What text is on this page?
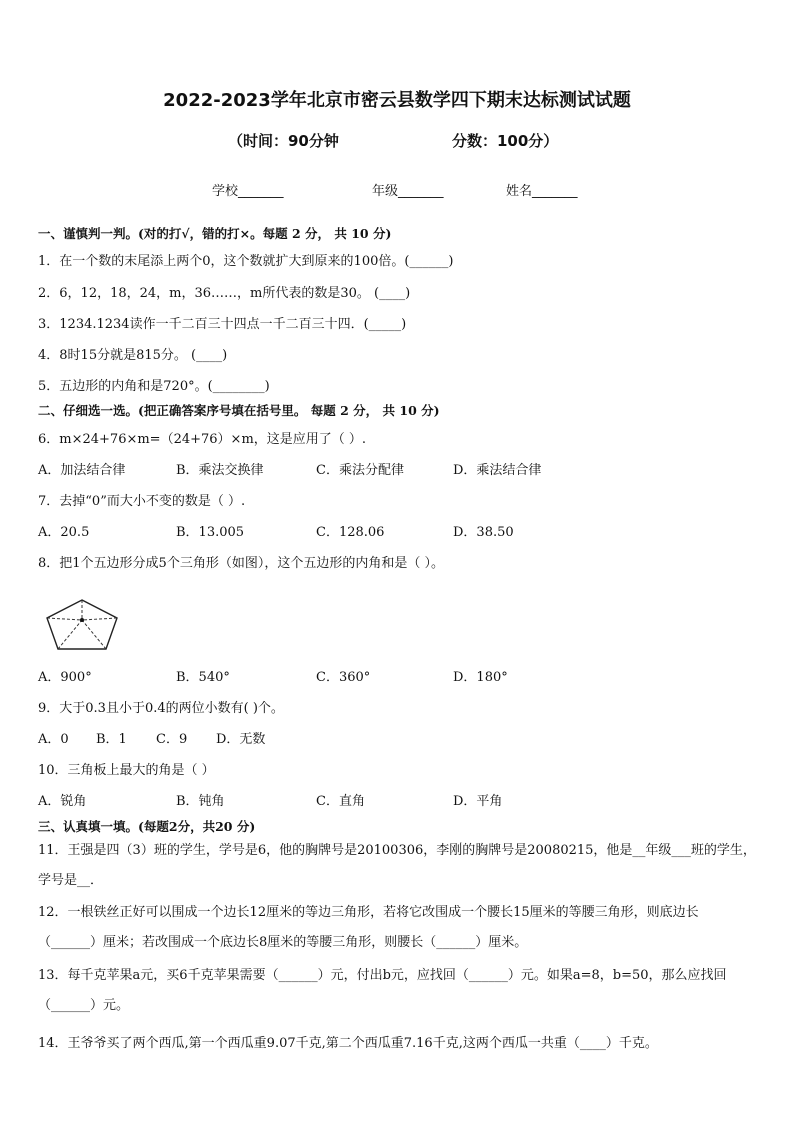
2022-2023学年北京市密云县数学四下期末达标测试试题
（时间：90分钟	分数：100分）
学校_______	年级_______	姓名_______
一、谨慎判一判。(对的打√，错的打×。每题 2 分， 共 10 分)
1．在一个数的末尾添上两个0，这个数就扩大到原来的100倍。(______)
2．6，12，18，24，m，36……，m所代表的数是30。 (____)
3．1234.1234读作一千二百三十四点一千二百三十四．(_____)
4．8时15分就是815分。 (____)
5．五边形的内角和是720°。(________)
二、仔细选一选。(把正确答案序号填在括号里。 每题 2 分， 共 10 分)
6．m×24+76×m=（24+76）×m，这是应用了（ ）.
A．加法结合律	B．乘法交换律	C．乘法分配律	D．乘法结合律
7．去掉“0”而大小不变的数是（ ）.
A．20.5	B．13.005	C．128.06	D．38.50
8．把1个五边形分成5个三角形（如图），这个五边形的内角和是（ ）。
A．900°	B．540°	C．360°	D．180°
9．大于0.3且小于0.4的两位小数有( )个。
A．0 B．1 C．9 D．无数
10．三角板上最大的角是（ ）
A．锐角	B．钝角	C．直角	D．平角
三、认真填一填。(每题2分，共20 分)
11．王强是四（3）班的学生，学号是6，他的胸牌号是20100306，李刚的胸牌号是20080215，他是__年级___班的学生，学号是__．
12．一根铁丝正好可以围成一个边长12厘米的等边三角形，若将它改围成一个腰长15厘米的等腰三角形，则底边长（______）厘米；若改围成一个底边长8厘米的等腰三角形，则腰长（______）厘米。
13．每千克苹果a元，买6千克苹果需要（______）元，付出b元，应找回（______）元。如果a=8，b=50，那么应找回（______）元。
14．王爷爷买了两个西瓜,第一个西瓜重9.07千克,第二个西瓜重7.16千克,这两个西瓜一共重（____）千克。
